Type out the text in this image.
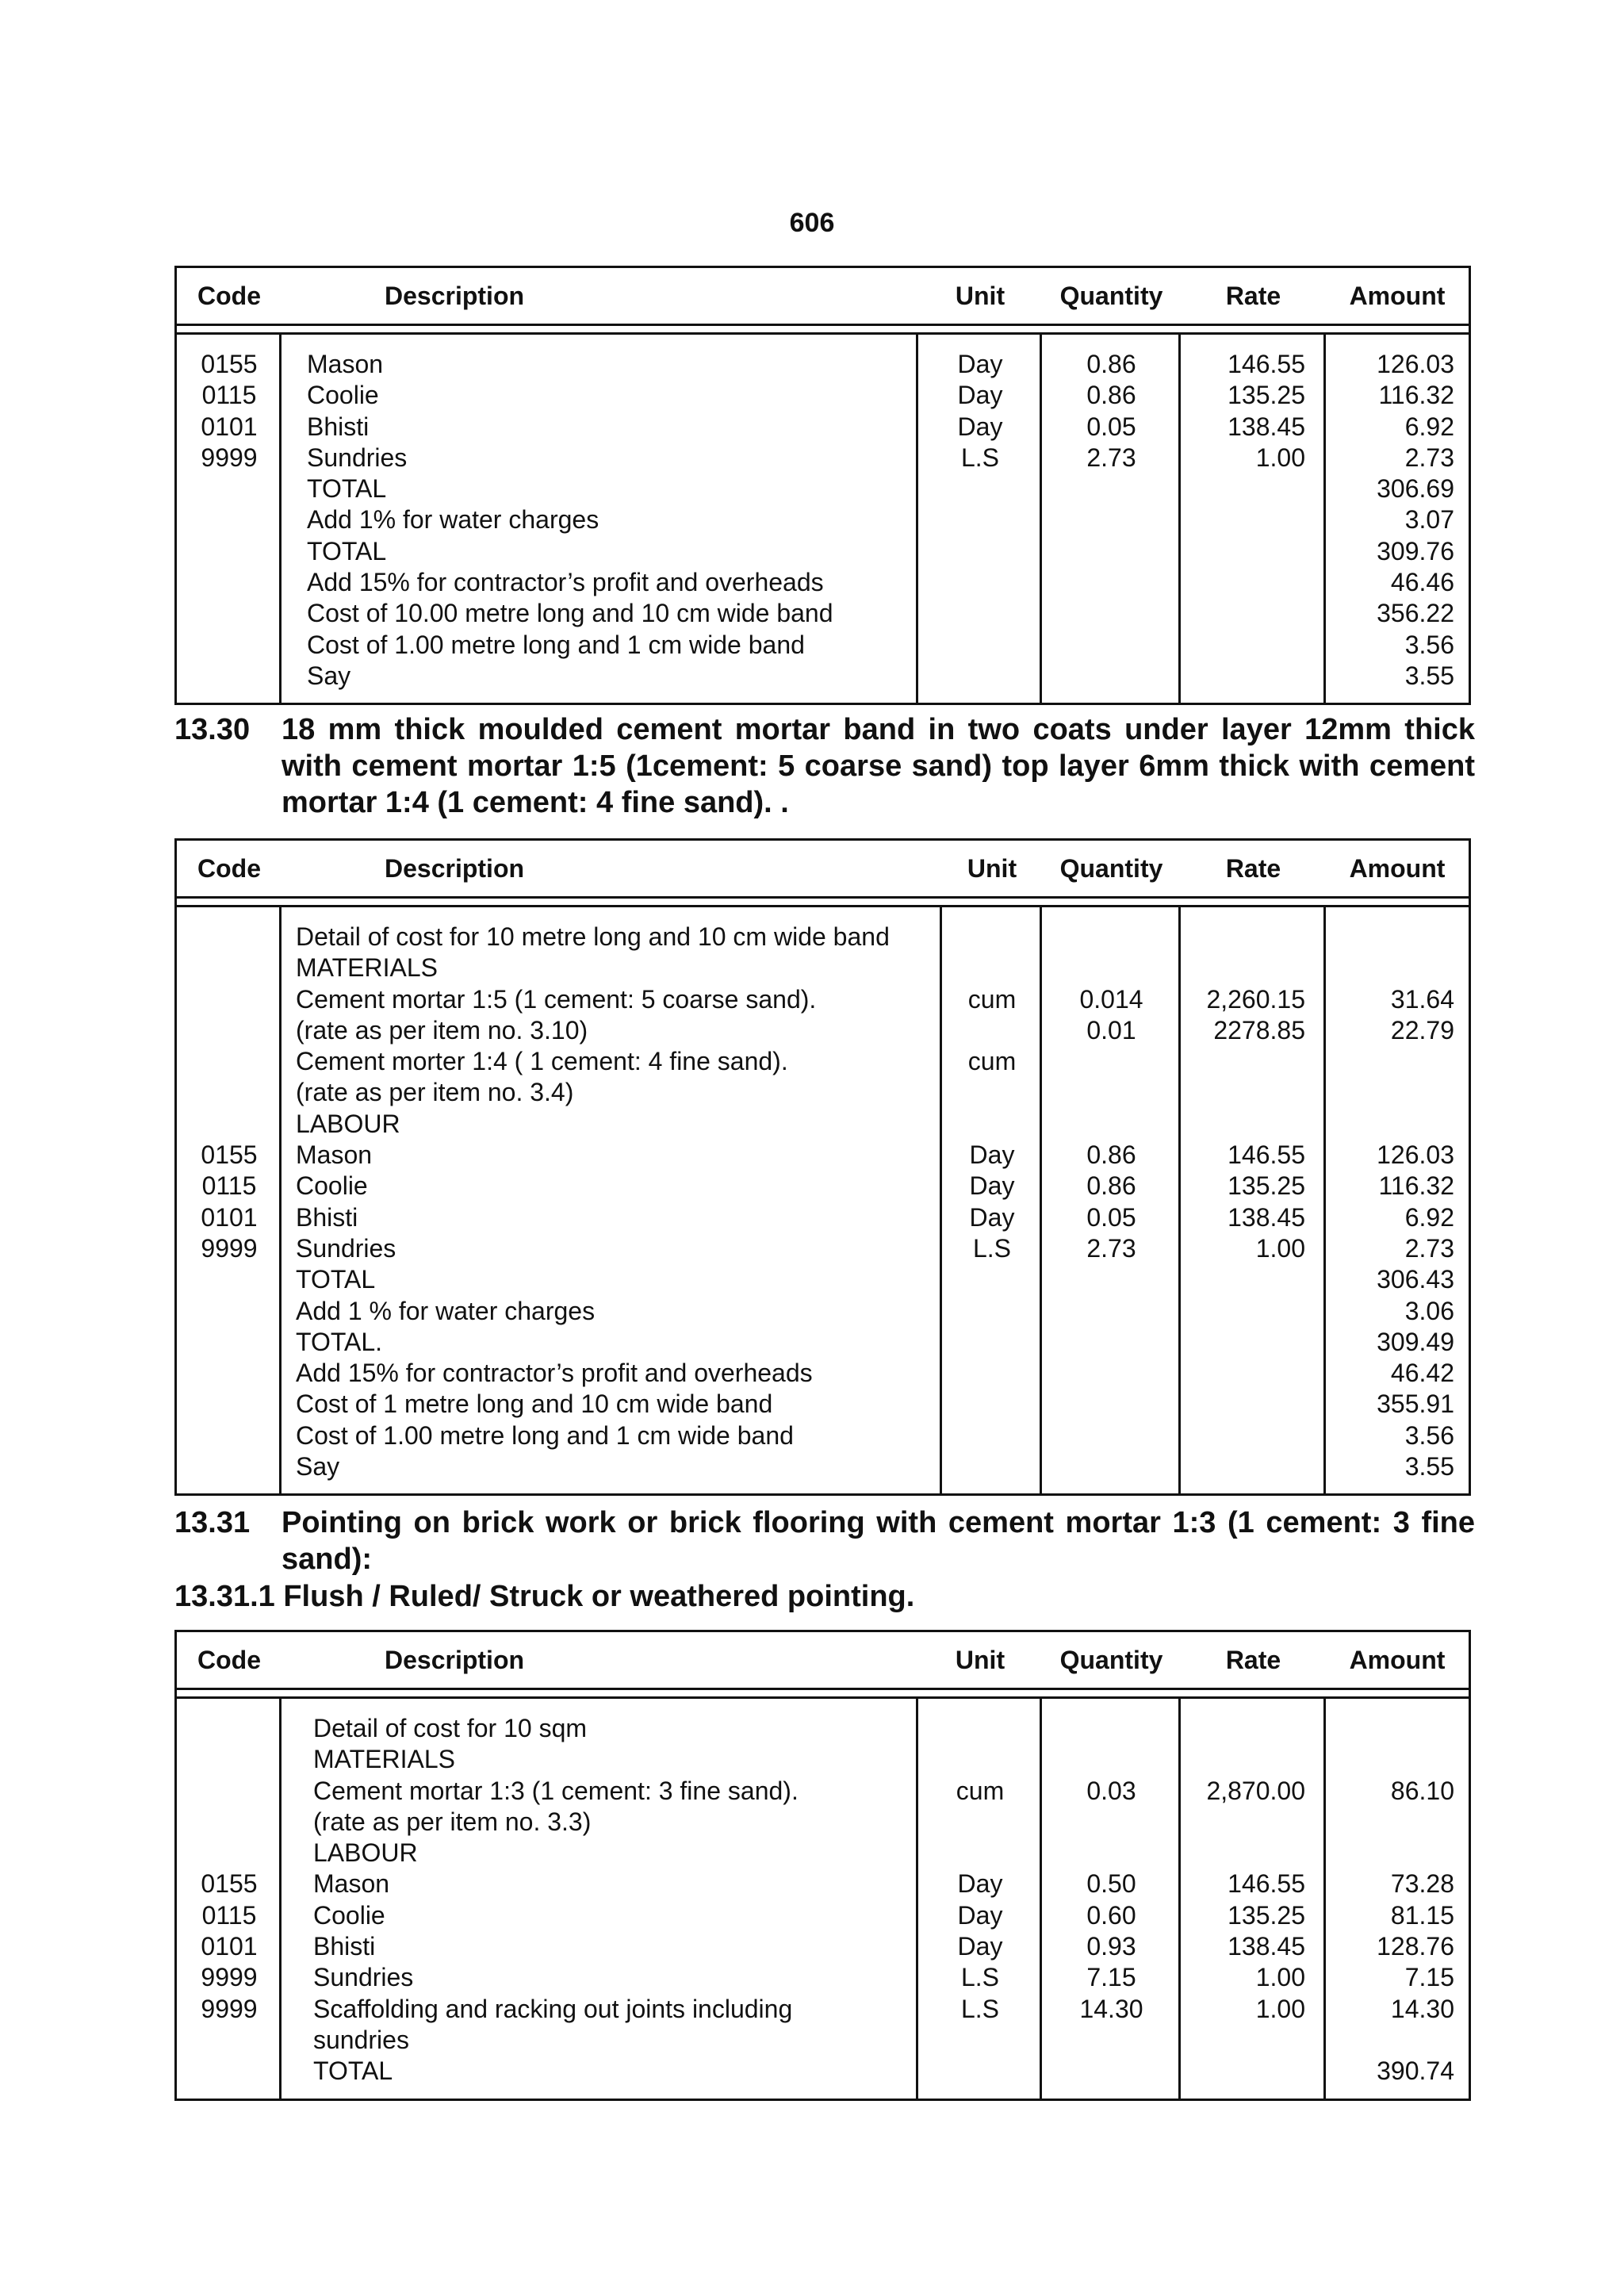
606
Code	Description	Unit	Quantity	Rate	Amount
0155	Mason	Day	0.86	146.55	126.03
0115	Coolie	Day	0.86	135.25	116.32
0101	Bhisti	Day	0.05	138.45	6.92
9999	Sundries	L.S	2.73	1.00	2.73
TOTAL	306.69
Add 1% for water charges	3.07
TOTAL	309.76
Add 15% for contractor’s profit and overheads	46.46
Cost of 10.00 metre long and 10 cm wide band	356.22
Cost of 1.00 metre long and 1 cm wide band	3.56
Say	3.55
13.30	18 mm thick moulded cement mortar band in two coats under layer 12mm thick with cement mortar 1:5 (1cement: 5 coarse sand) top layer 6mm thick with cement mortar 1:4 (1 cement: 4 fine sand). .
Code	Description	Unit	Quantity	Rate	Amount
Detail of cost for 10 metre long and 10 cm wide band
MATERIALS
Cement mortar 1:5 (1 cement: 5 coarse sand).	cum	0.014	2,260.15	31.64
(rate as per item no. 3.10)	0.01	2278.85	22.79
Cement morter 1:4 ( 1 cement: 4 fine sand).	cum
(rate as per item no. 3.4)
LABOUR
0155	Mason	Day	0.86	146.55	126.03
0115	Coolie	Day	0.86	135.25	116.32
0101	Bhisti	Day	0.05	138.45	6.92
9999	Sundries	L.S	2.73	1.00	2.73
TOTAL	306.43
Add 1 % for water charges	3.06
TOTAL.	309.49
Add 15% for contractor’s profit and overheads	46.42
Cost of 1 metre long and 10 cm wide band	355.91
Cost of 1.00 metre long and 1 cm wide band	3.56
Say	3.55
13.31	Pointing on brick work or brick flooring with cement mortar 1:3 (1 cement: 3 fine sand):
13.31.1 Flush / Ruled/ Struck or weathered pointing.
Code	Description	Unit	Quantity	Rate	Amount
Detail of cost for 10 sqm
MATERIALS
Cement mortar 1:3 (1 cement: 3 fine sand).	cum	0.03	2,870.00	86.10
(rate as per item no. 3.3)
LABOUR
0155	Mason	Day	0.50	146.55	73.28
0115	Coolie	Day	0.60	135.25	81.15
0101	Bhisti	Day	0.93	138.45	128.76
9999	Sundries	L.S	7.15	1.00	7.15
9999	Scaffolding and racking out joints including	L.S	14.30	1.00	14.30
sundries
TOTAL	390.74
